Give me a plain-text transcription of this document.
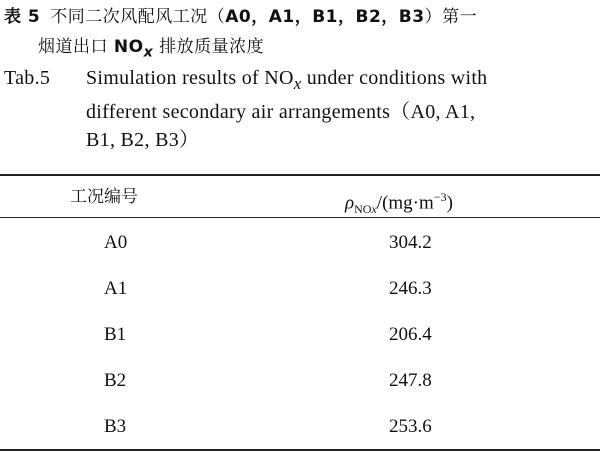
表 5 不同二次风配风工况（A0，A1，B1，B2，B3）第一
烟道出口 $NO_x$ 排放质量浓度
Tab.5 Simulation results of $NO_x$ under conditions with
different secondary air arrangements（A0, A1,
B1, B2, B3）
工况编号	$\rho_{NOx}/(mg\cdot m^{-3})$
A0	304.2
A1	246.3
B1	206.4
B2	247.8
B3	253.6
